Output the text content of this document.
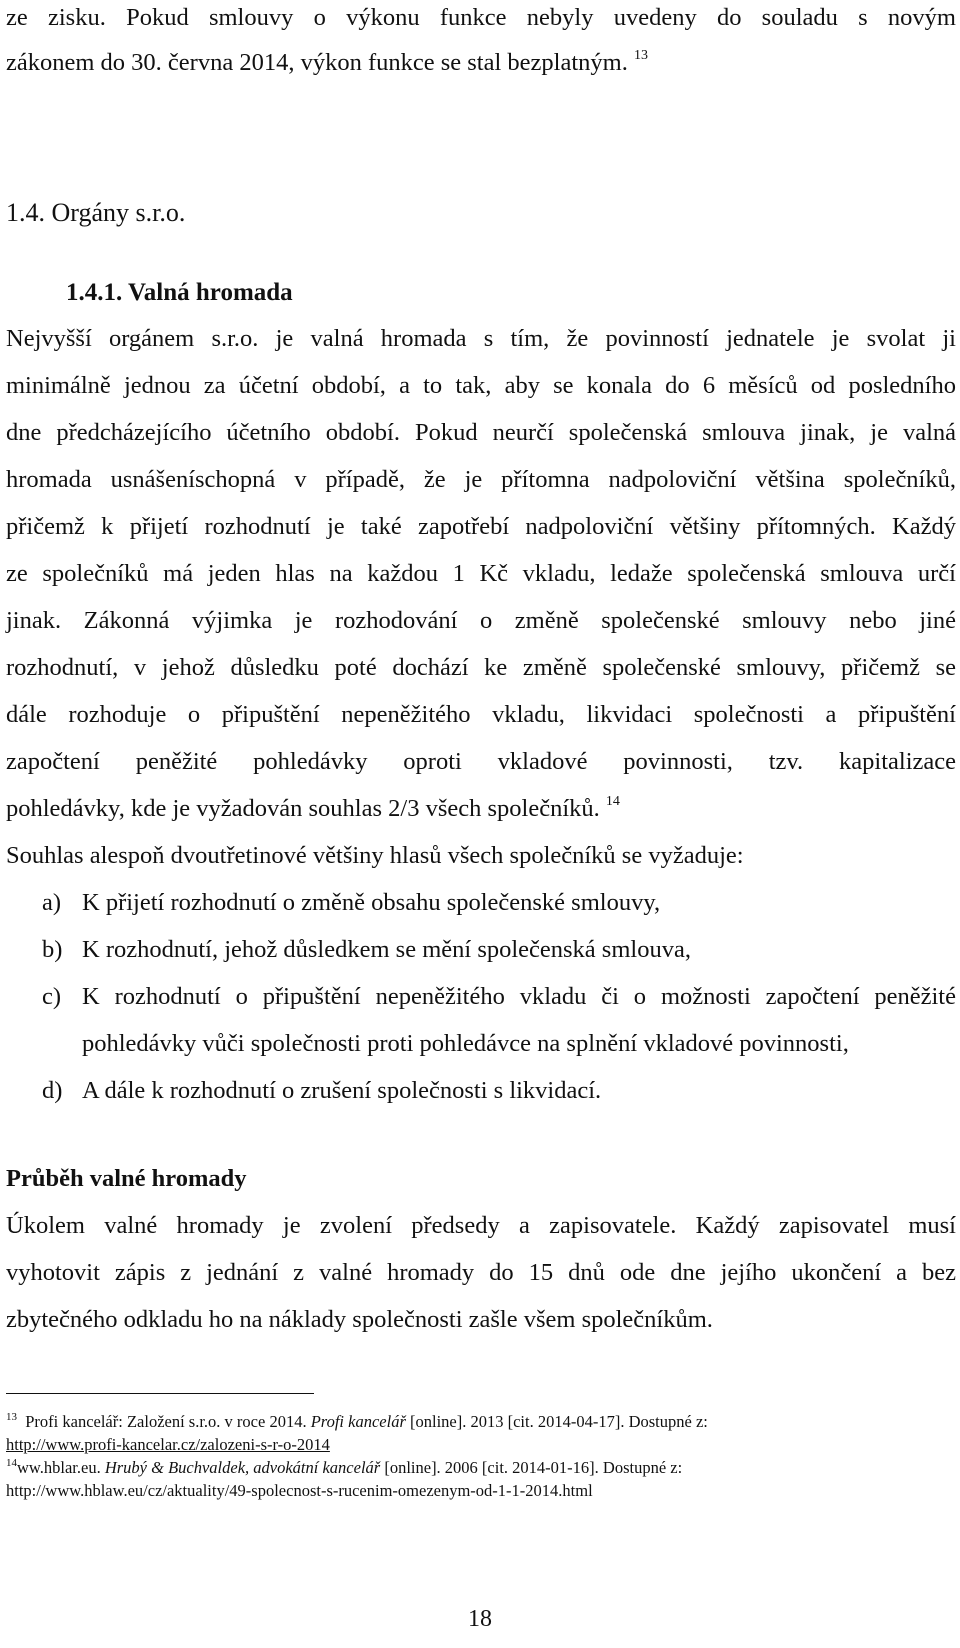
ze zisku. Pokud smlouvy o výkonu funkce nebyly uvedeny do souladu s novým
zákonem do 30. června 2014, výkon funkce se stal bezplatným. $^{13}$
1.4. Orgány s.r.o.
1.4.1. Valná hromada
Nejvyšší orgánem s.r.o. je valná hromada s tím, že povinností jednatele je svolat ji
minimálně jednou za účetní období, a to tak, aby se konala do 6 měsíců od posledního
dne předcházejícího účetního období. Pokud neurčí společenská smlouva jinak, je valná
hromada usnášeníschopná v případě, že je přítomna nadpoloviční většina společníků,
přičemž k přijetí rozhodnutí je také zapotřebí nadpoloviční většiny přítomných. Každý
ze společníků má jeden hlas na každou 1 Kč vkladu, ledaže společenská smlouva určí
jinak. Zákonná výjimka je rozhodování o změně společenské smlouvy nebo jiné
rozhodnutí, v jehož důsledku poté dochází ke změně společenské smlouvy, přičemž se
dále rozhoduje o připuštění nepeněžitého vkladu, likvidaci společnosti a připuštění
započtení peněžité pohledávky oproti vkladové povinnosti, tzv. kapitalizace
pohledávky, kde je vyžadován souhlas 2/3 všech společníků. $^{14}$
Souhlas alespoň dvoutřetinové většiny hlasů všech společníků se vyžaduje:
a) K přijetí rozhodnutí o změně obsahu společenské smlouvy,
b) K rozhodnutí, jehož důsledkem se mění společenská smlouva,
c) K rozhodnutí o připuštění nepeněžitého vkladu či o možnosti započtení peněžité
pohledávky vůči společnosti proti pohledávce na splnění vkladové povinnosti,
d) A dále k rozhodnutí o zrušení společnosti s likvidací.
Průběh valné hromady
Úkolem valné hromady je zvolení předsedy a zapisovatele. Každý zapisovatel musí
vyhotovit zápis z jednání z valné hromady do 15 dnů ode dne jejího ukončení a bez
zbytečného odkladu ho na náklady společnosti zašle všem společníkům.
$^{13}$ Profi kancelář: Založení s.r.o. v roce 2014. Profi kancelář [online]. 2013 [cit. 2014-04-17]. Dostupné z:
http://www.profi-kancelar.cz/zalozeni-s-r-o-2014
$^{14}$ww.hblar.eu. Hrubý & Buchvaldek, advokátní kancelář [online]. 2006 [cit. 2014-01-16]. Dostupné z:
http://www.hblaw.eu/cz/aktuality/49-spolecnost-s-rucenim-omezenym-od-1-1-2014.html
18
